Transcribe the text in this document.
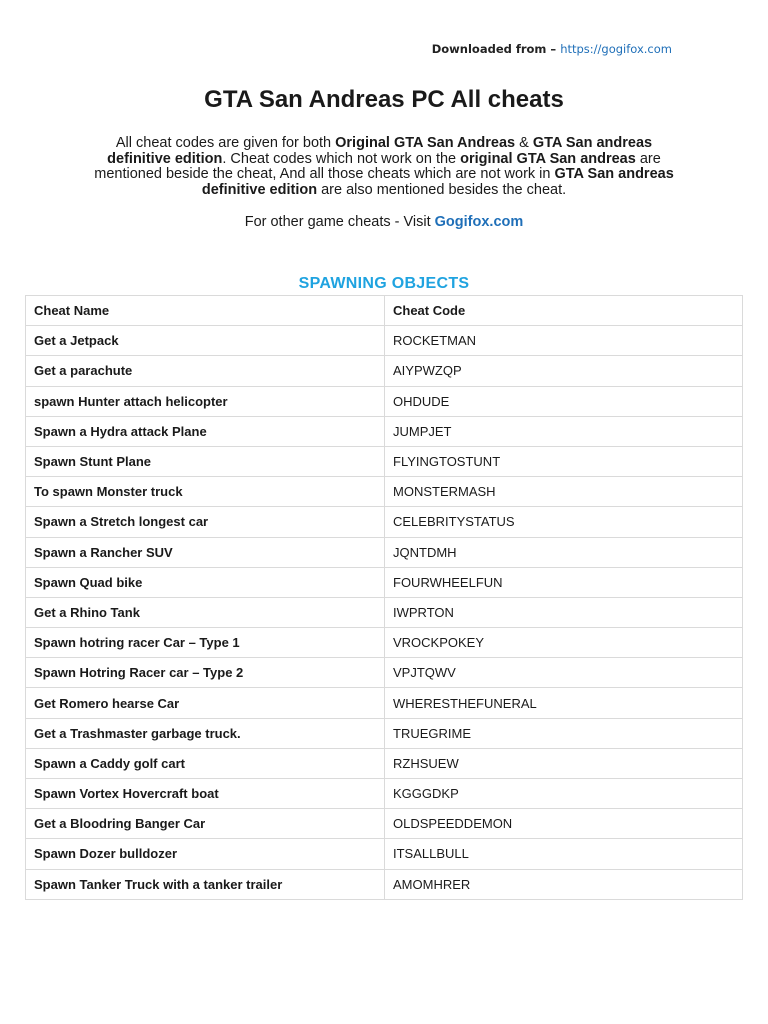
Downloaded from – https://gogifox.com
GTA San Andreas PC All cheats

All cheat codes are given for both Original GTA San Andreas & GTA San andreas definitive edition. Cheat codes which not work on the original GTA San andreas are mentioned beside the cheat, And all those cheats which are not work in GTA San andreas definitive edition are also mentioned besides the cheat.

For other game cheats - Visit Gogifox.com

SPAWNING OBJECTS
Cheat Name	Cheat Code
Get a Jetpack	ROCKETMAN
Get a parachute	AIYPWZQP
spawn Hunter attach helicopter	OHDUDE
Spawn a Hydra attack Plane	JUMPJET
Spawn Stunt Plane	FLYINGTOSTUNT
To spawn Monster truck	MONSTERMASH
Spawn a Stretch longest car	CELEBRITYSTATUS
Spawn a Rancher SUV	JQNTDMH
Spawn Quad bike	FOURWHEELFUN
Get a Rhino Tank	IWPRTON
Spawn hotring racer Car – Type 1	VROCKPOKEY
Spawn Hotring Racer car – Type 2	VPJTQWV
Get Romero hearse Car	WHERESTHEFUNERAL
Get a Trashmaster garbage truck.	TRUEGRIME
Spawn a Caddy golf cart	RZHSUEW
Spawn Vortex Hovercraft boat	KGGGDKP
Get a Bloodring Banger Car	OLDSPEEDDEMON
Spawn Dozer bulldozer	ITSALLBULL
Spawn Tanker Truck with a tanker trailer	AMOMHRER
